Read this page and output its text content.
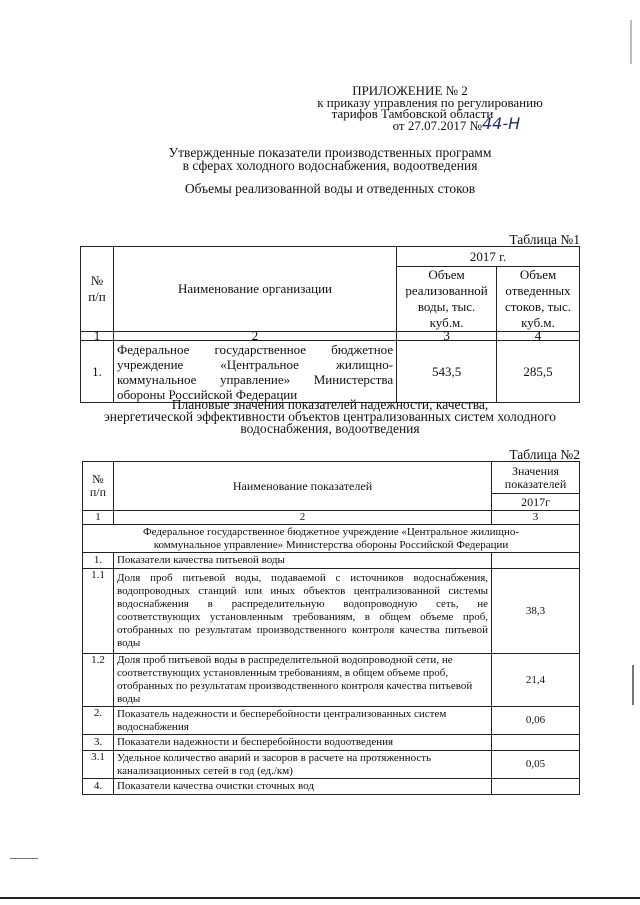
ПРИЛОЖЕНИЕ № 2
к приказу управления по регулированию
тарифов Тамбовской области
от 27.07.2017 № 44-Н
Утвержденные показатели производственных программ
в сферах холодного водоснабжения, водоотведения
Объемы реализованной воды и отведенных стоков
Таблица №1
№ п/п	Наименование организации	2017 г.	
		Объем реализованной воды, тыс. куб.м.	Объем отведенных стоков, тыс. куб.м.
1	2	3	4
1.	Федеральное государственное бюджетное учреждение «Центральное жилищно-коммунальное управление» Министерства обороны Российской Федерации	543,5	285,5
Плановые значения показателей надежности, качества,
энергетической эффективности объектов централизованных систем холодного
водоснабжения, водоотведения
Таблица №2
№ п/п	Наименование показателей	Значения показателей
		2017г
1	2	3

Федеральное государственное бюджетное учреждение «Центральное жилищно-
коммунальное управление» Министерства обороны Российской Федерации		

1.	Показатели качества питьевой воды	
1.1	Доля проб питьевой воды, подаваемой с источников водоснабжения, водопроводных станций или иных объектов централизованной системы водоснабжения в распределительную водопроводную сеть, не соответствующих установленным требованиям, в общем объеме проб, отобранных по результатам производственного контроля качества питьевой воды	38,3
1.2	Доля проб питьевой воды в распределительной водопроводной сети, не соответствующих установленным требованиям, в общем объеме проб, отобранных по результатам производственного контроля качества питьевой воды	21,4
2.	Показатель надежности и бесперебойности централизованных систем водоснабжения	0,06
3.	Показатели надежности и бесперебойности водоотведения	
3.1	Удельное количество аварий и засоров в расчете на протяженность канализационных сетей в год (ед./км)	0,05
4.	Показатели качества очистки сточных вод	
